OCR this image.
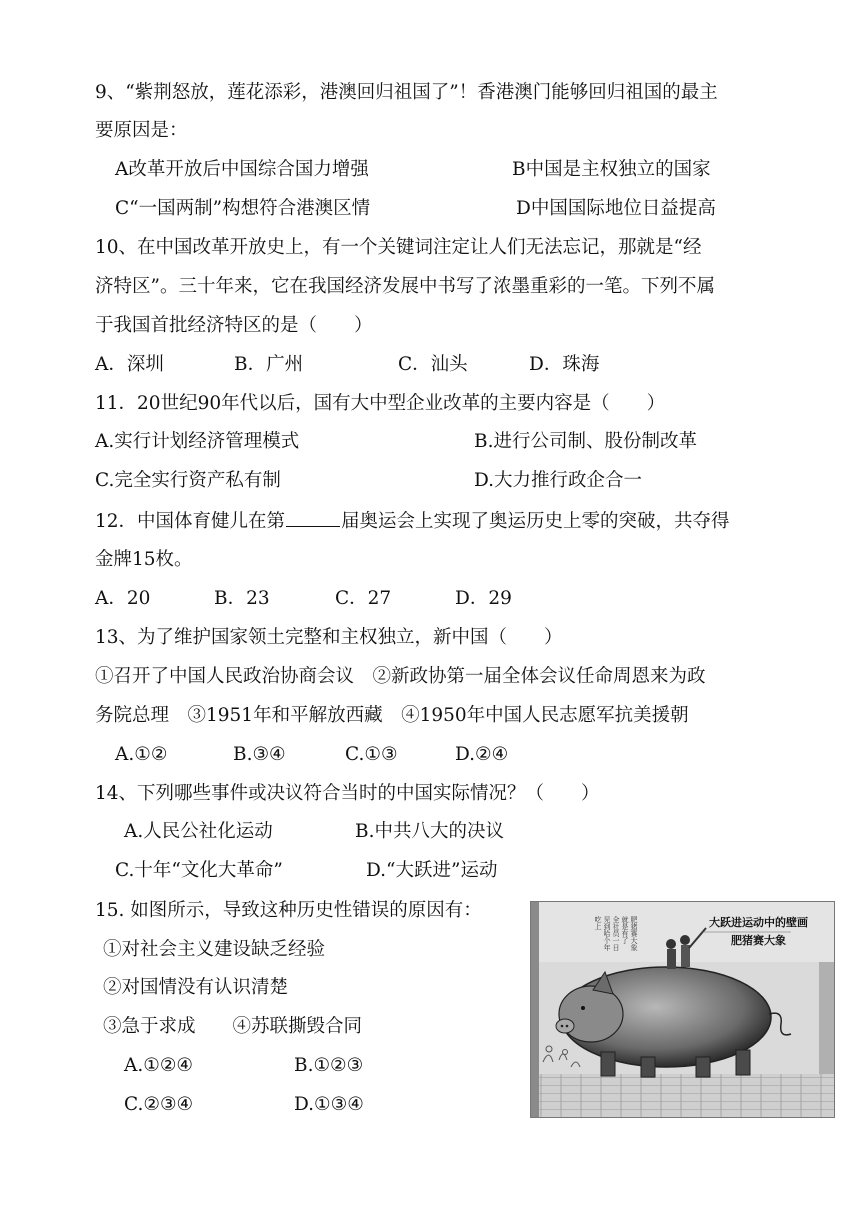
9、“紫荆怒放，莲花添彩，港澳回归祖国了”！香港澳门能够回归祖国的最主
要原因是：
A改革开放后中国综合国力增强	B中国是主权独立的国家
C“一国两制”构想符合港澳区情	D中国国际地位日益提高
10、在中国改革开放史上，有一个关键词注定让人们无法忘记，那就是“经
济特区”。三十年来，它在我国经济发展中书写了浓墨重彩的一笔。下列不属
于我国首批经济特区的是（　　）
A．深圳	B．广州	C．汕头	D．珠海
11．20世纪90年代以后，国有大中型企业改革的主要内容是（　　）
A.实行计划经济管理模式	B.进行公司制、股份制改革
C.完全实行资产私有制	D.大力推行政企合一
12．中国体育健儿在第	届奥运会上实现了奥运历史上零的突破，共夺得
金牌15枚。
A．20	B．23	C．27	D．29
13、为了维护国家领土完整和主权独立，新中国（　　）
①召开了中国人民政治协商会议　②新政协第一届全体会议任命周恩来为政
务院总理　③1951年和平解放西藏　④1950年中国人民志愿军抗美援朝
A.①②	B.③④	C.①③	D.②④
14、下列哪些事件或决议符合当时的中国实际情况？（　　）
A.人民公社化运动	B.中共八大的决议
C.十年“文化大革命”	D.“大跃进”运动
15. 如图所示，导致这种历史性错误的原因有：
①对社会主义建设缺乏经验
②对国情没有认识清楚
③急于求成　　④苏联撕毁合同
A.①②④	B.①②③
C.②③④	D.①③④
肥猪赛大象
就是有了
全社员一日
见到哈个年
吃上	大跃进运动中的壁画
肥猪赛大象
